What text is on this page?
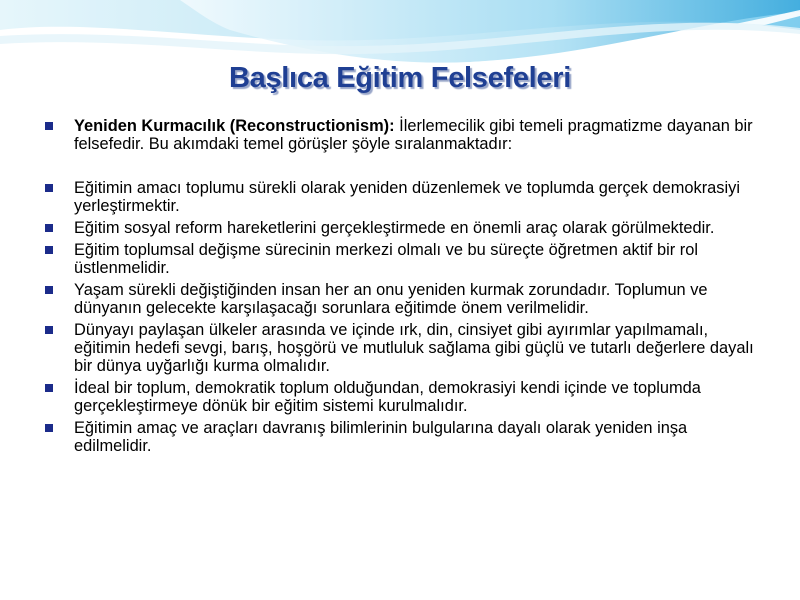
Başlıca Eğitim Felsefeleri
Yeniden Kurmacılık (Reconstructionism): İlerlemecilik gibi temeli pragmatizme dayanan bir felsefedir. Bu akımdaki temel görüşler şöyle sıralanmaktadır:
Eğitimin amacı toplumu sürekli olarak yeniden düzenlemek ve toplumda gerçek demokrasiyi yerleştirmektir.
Eğitim sosyal reform hareketlerini gerçekleştirmede en önemli araç olarak görülmektedir.
Eğitim toplumsal değişme sürecinin merkezi olmalı ve bu süreçte öğretmen aktif bir rol üstlenmelidir.
Yaşam sürekli değiştiğinden insan her an onu yeniden kurmak zorundadır. Toplumun ve dünyanın gelecekte karşılaşacağı sorunlara eğitimde önem verilmelidir.
Dünyayı paylaşan ülkeler arasında ve içinde ırk, din, cinsiyet gibi ayırımlar yapılmamalı, eğitimin hedefi sevgi, barış, hoşgörü ve mutluluk sağlama gibi güçlü ve tutarlı değerlere dayalı bir dünya uyğarlığı kurma olmalıdır.
İdeal bir toplum, demokratik toplum olduğundan, demokrasiyi kendi içinde ve toplumda gerçekleştirmeye dönük bir eğitim sistemi kurulmalıdır.
Eğitimin amaç ve araçları davranış bilimlerinin bulgularına dayalı olarak yeniden inşa edilmelidir.
